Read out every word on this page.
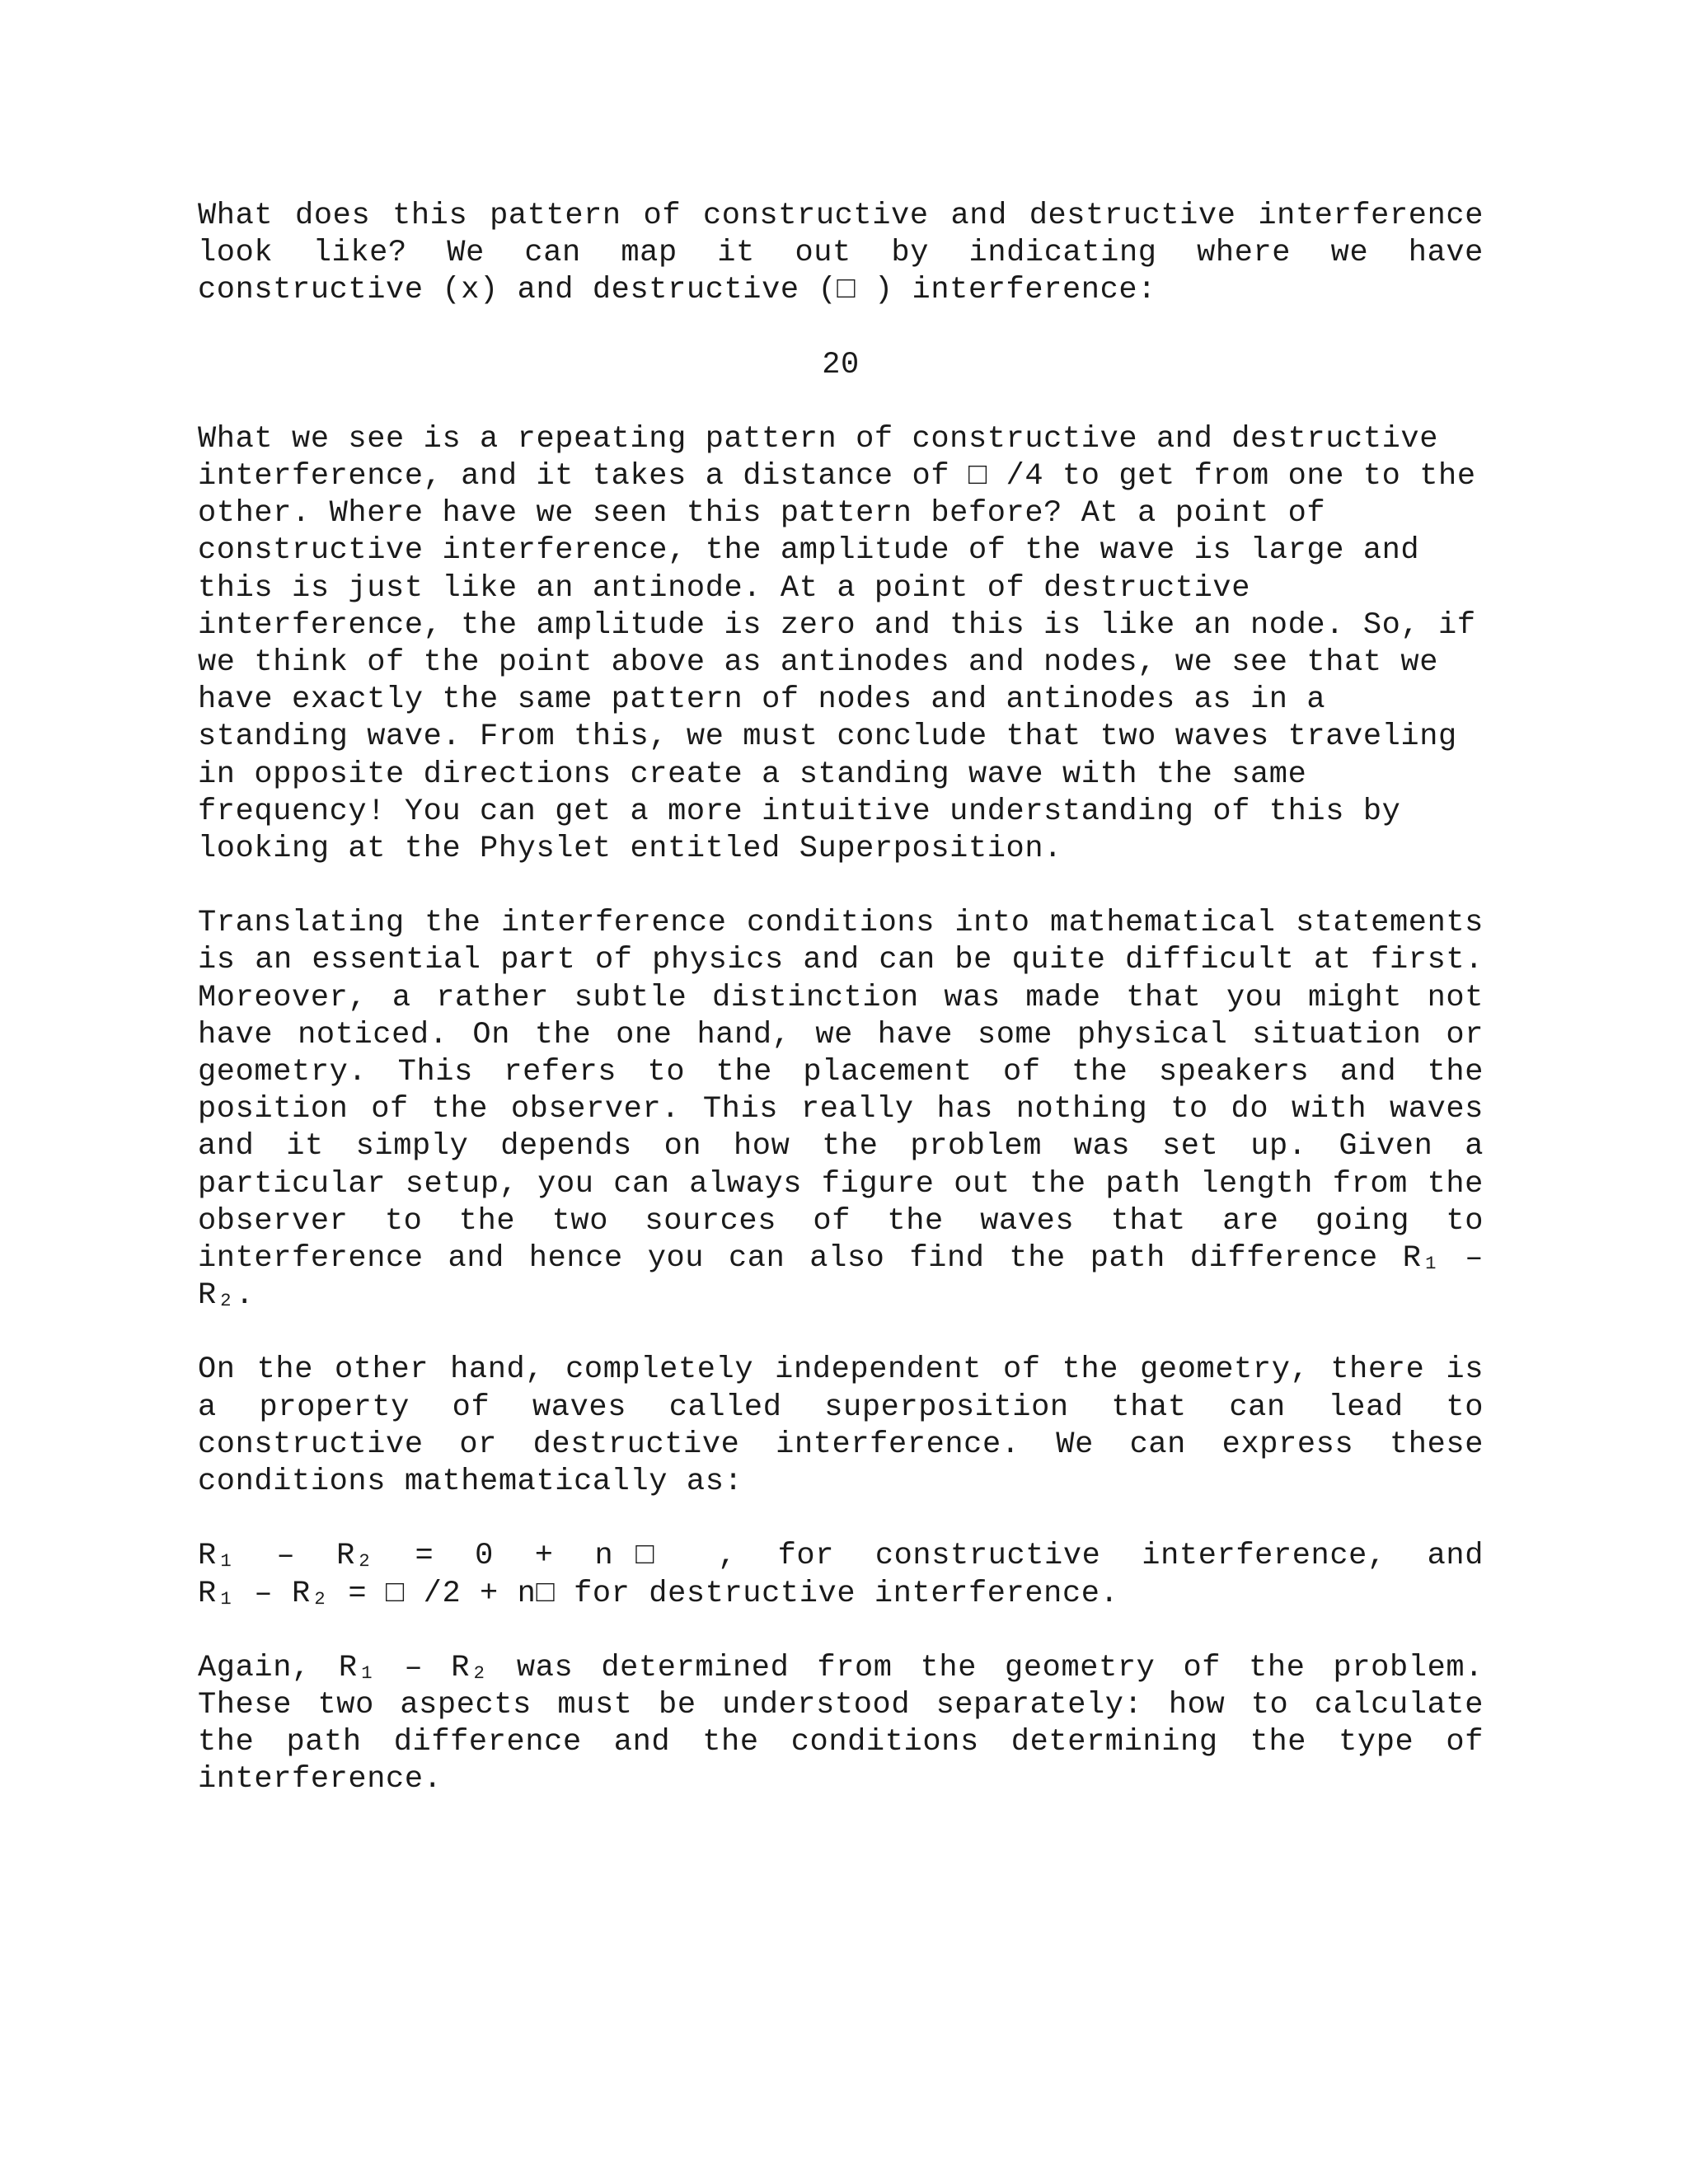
What does this pattern of constructive and destructive interference look like? We can map it out by indicating where we have constructive (x) and destructive (□ ) interference:

20

What we see is a repeating pattern of constructive and destructive interference, and it takes a distance of □ /4 to get from one to the other. Where have we seen this pattern before? At a point of constructive interference, the amplitude of the wave is large and this is just like an antinode. At a point of destructive interference, the amplitude is zero and this is like an node. So, if we think of the point above as antinodes and nodes, we see that we have exactly the same pattern of nodes and antinodes as in a standing wave. From this, we must conclude that two waves traveling in opposite directions create a standing wave with the same frequency! You can get a more intuitive understanding of this by looking at the Physlet entitled Superposition.

Translating the interference conditions into mathematical statements is an essential part of physics and can be quite difficult at first. Moreover, a rather subtle distinction was made that you might not have noticed. On the one hand, we have some physical situation or geometry. This refers to the placement of the speakers and the position of the observer. This really has nothing to do with waves and it simply depends on how the problem was set up. Given a particular setup, you can always figure out the path length from the observer to the two sources of the waves that are going to interference and hence you can also find the path difference R₁ – R₂.

On the other hand, completely independent of the geometry, there is a property of waves called superposition that can lead to constructive or destructive interference. We can express these conditions mathematically as:

R₁ – R₂ = 0 + n□ , for constructive interference, and

R₁ – R₂ = □ /2 + n□ for destructive interference.

Again, R₁ – R₂ was determined from the geometry of the problem. These two aspects must be understood separately: how to calculate the path difference and the conditions determining the type of interference.
